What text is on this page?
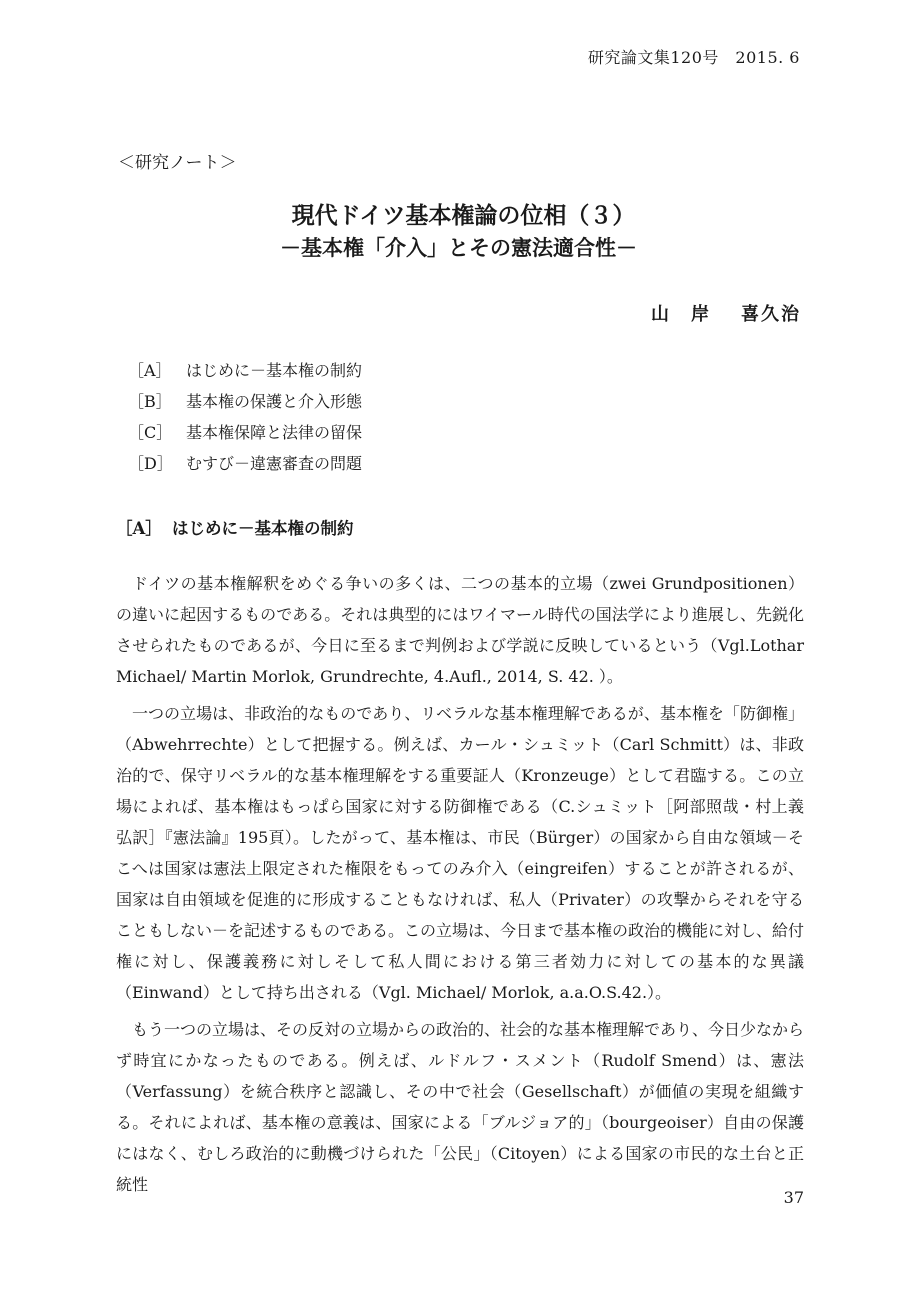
研究論文集120号　2015. 6
＜研究ノート＞
現代ドイツ基本権論の位相（３）
－基本権「介入」とその憲法適合性－
山　岸 喜久治
［A］ はじめに－基本権の制約
［B］ 基本権の保護と介入形態
［C］ 基本権保障と法律の留保
［D］ むすび－違憲審査の問題
［A］ はじめに－基本権の制約

ドイツの基本権解釈をめぐる争いの多くは、二つの基本的立場（zwei Grundpositionen）の違いに起因するものである。それは典型的にはワイマール時代の国法学により進展し、先鋭化させられたものであるが、今日に至るまで判例および学説に反映しているという（Vgl.Lothar Michael/ Martin Morlok, Grundrechte, 4.Aufl., 2014, S. 42. ）。

一つの立場は、非政治的なものであり、リベラルな基本権理解であるが、基本権を「防御権」（Abwehrrechte）として把握する。例えば、カール・シュミット（Carl Schmitt）は、非政治的で、保守リベラル的な基本権理解をする重要証人（Kronzeuge）として君臨する。この立場によれば、基本権はもっぱら国家に対する防御権である（C.シュミット［阿部照哉・村上義弘訳］『憲法論』195頁）。したがって、基本権は、市民（Bürger）の国家から自由な領域－そこへは国家は憲法上限定された権限をもってのみ介入（eingreifen）することが許されるが、国家は自由領域を促進的に形成することもなければ、私人（Privater）の攻撃からそれを守ることもしない－を記述するものである。この立場は、今日まで基本権の政治的機能に対し、給付権に対し、保護義務に対しそして私人間における第三者効力に対しての基本的な異議（Einwand）として持ち出される（Vgl. Michael/ Morlok, a.a.O.S.42.）。

もう一つの立場は、その反対の立場からの政治的、社会的な基本権理解であり、今日少なからず時宜にかなったものである。例えば、ルドルフ・スメント（Rudolf Smend）は、憲法（Verfassung）を統合秩序と認識し、その中で社会（Gesellschaft）が価値の実現を組織する。それによれば、基本権の意義は、国家による「ブルジョア的」（bourgeoiser）自由の保護にはなく、むしろ政治的に動機づけられた「公民」（Citoyen）による国家の市民的な土台と正統性

37
